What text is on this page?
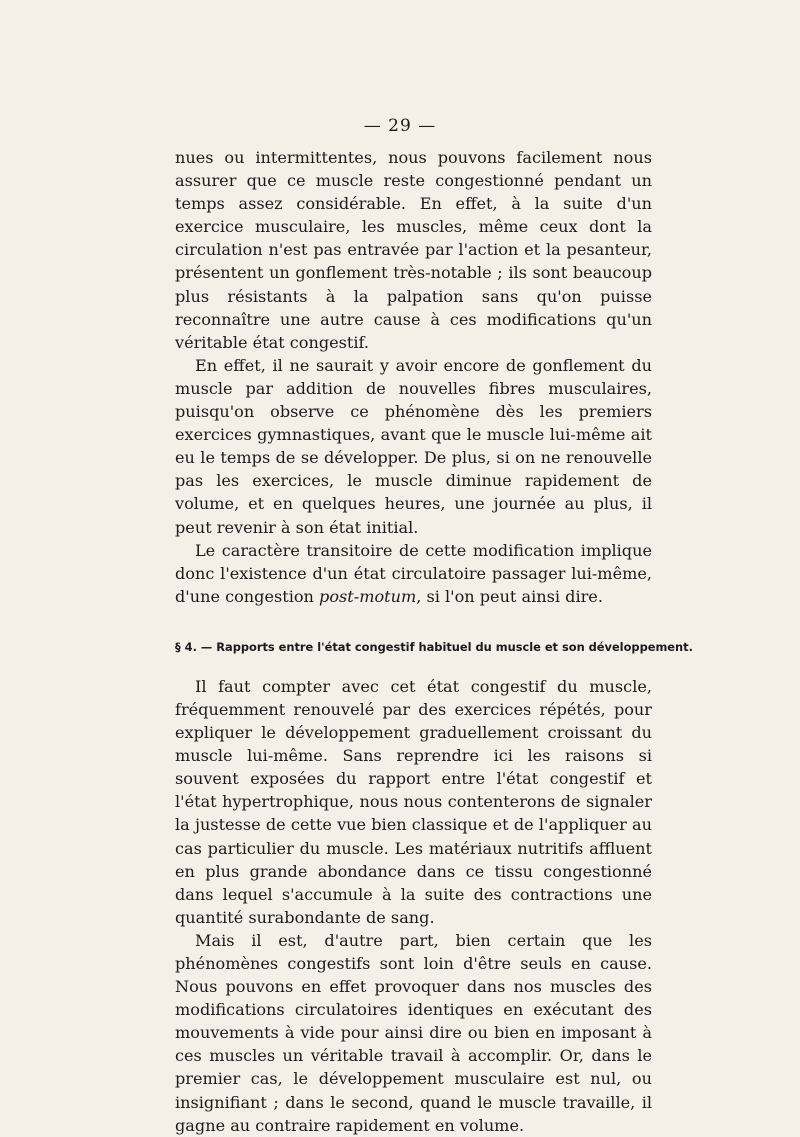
— 29 —

nues ou intermittentes, nous pouvons facilement nous assurer que ce muscle reste congestionné pendant un temps assez considérable. En effet, à la suite d'un exercice musculaire, les muscles, même ceux dont la circulation n'est pas entravée par l'action et la pesanteur, présentent un gonflement très-notable ; ils sont beaucoup plus résistants à la palpation sans qu'on puisse reconnaître une autre cause à ces modifications qu'un véritable état congestif.

En effet, il ne saurait y avoir encore de gonflement du muscle par addition de nouvelles fibres musculaires, puisqu'on observe ce phénomène dès les premiers exercices gymnastiques, avant que le muscle lui-même ait eu le temps de se développer. De plus, si on ne renouvelle pas les exercices, le muscle diminue rapidement de volume, et en quelques heures, une journée au plus, il peut revenir à son état initial.

Le caractère transitoire de cette modification implique donc l'existence d'un état circulatoire passager lui-même, d'une congestion post-motum, si l'on peut ainsi dire.

§ 4. — Rapports entre l'état congestif habituel du muscle et son développement.

Il faut compter avec cet état congestif du muscle, fréquemment renouvelé par des exercices répétés, pour expliquer le développement graduellement croissant du muscle lui-même. Sans reprendre ici les raisons si souvent exposées du rapport entre l'état congestif et l'état hypertrophique, nous nous contenterons de signaler la justesse de cette vue bien classique et de l'appliquer au cas particulier du muscle. Les matériaux nutritifs affluent en plus grande abondance dans ce tissu congestionné dans lequel s'accumule à la suite des contractions une quantité surabondante de sang.

Mais il est, d'autre part, bien certain que les phénomènes congestifs sont loin d'être seuls en cause. Nous pouvons en effet provoquer dans nos muscles des modifications circulatoires identiques en exécutant des mouvements à vide pour ainsi dire ou bien en imposant à ces muscles un véritable travail à accomplir. Or, dans le premier cas, le développement musculaire est nul, ou insignifiant ; dans le second, quand le muscle travaille, il gagne au contraire rapidement en volume.
